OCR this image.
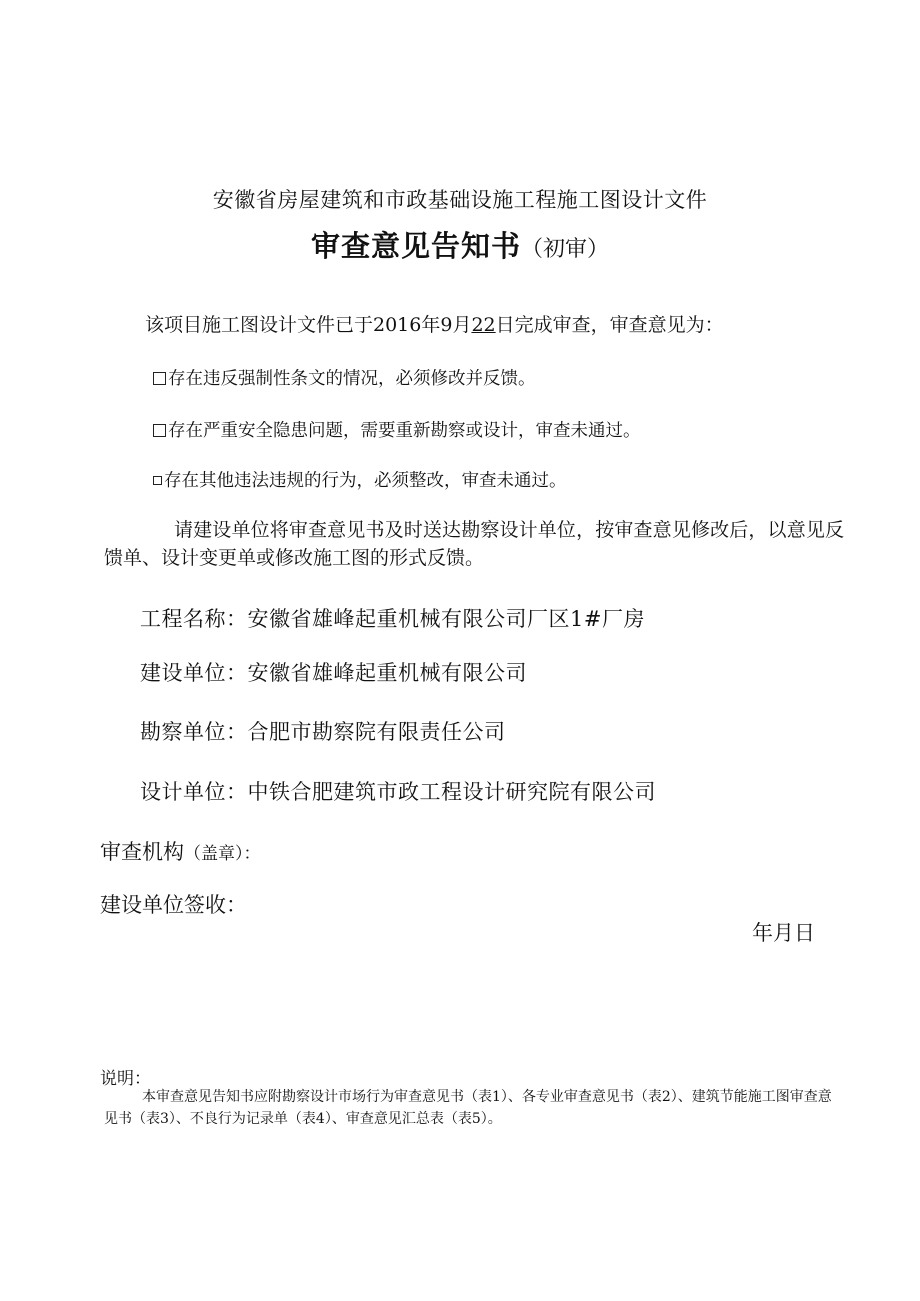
安徽省房屋建筑和市政基础设施工程施工图设计文件
审查意见告知书（初审）
该项目施工图设计文件已于2016年9月22日完成审查，审查意见为：
存在违反强制性条文的情况，必须修改并反馈。
存在严重安全隐患问题，需要重新勘察或设计，审查未通过。
存在其他违法违规的行为，必须整改，审查未通过。
请建设单位将审查意见书及时送达勘察设计单位，按审查意见修改后，以意见反馈单、设计变更单或修改施工图的形式反馈。
工程名称：安徽省雄峰起重机械有限公司厂区1#厂房
建设单位：安徽省雄峰起重机械有限公司
勘察单位：合肥市勘察院有限责任公司
设计单位：中铁合肥建筑市政工程设计研究院有限公司
审查机构（盖章）：
建设单位签收：
年月日
说明：
本审查意见告知书应附勘察设计市场行为审查意见书（表1）、各专业审查意见书（表2）、建筑节能施工图审查意见书（表3）、不良行为记录单（表4）、审查意见汇总表（表5）。
